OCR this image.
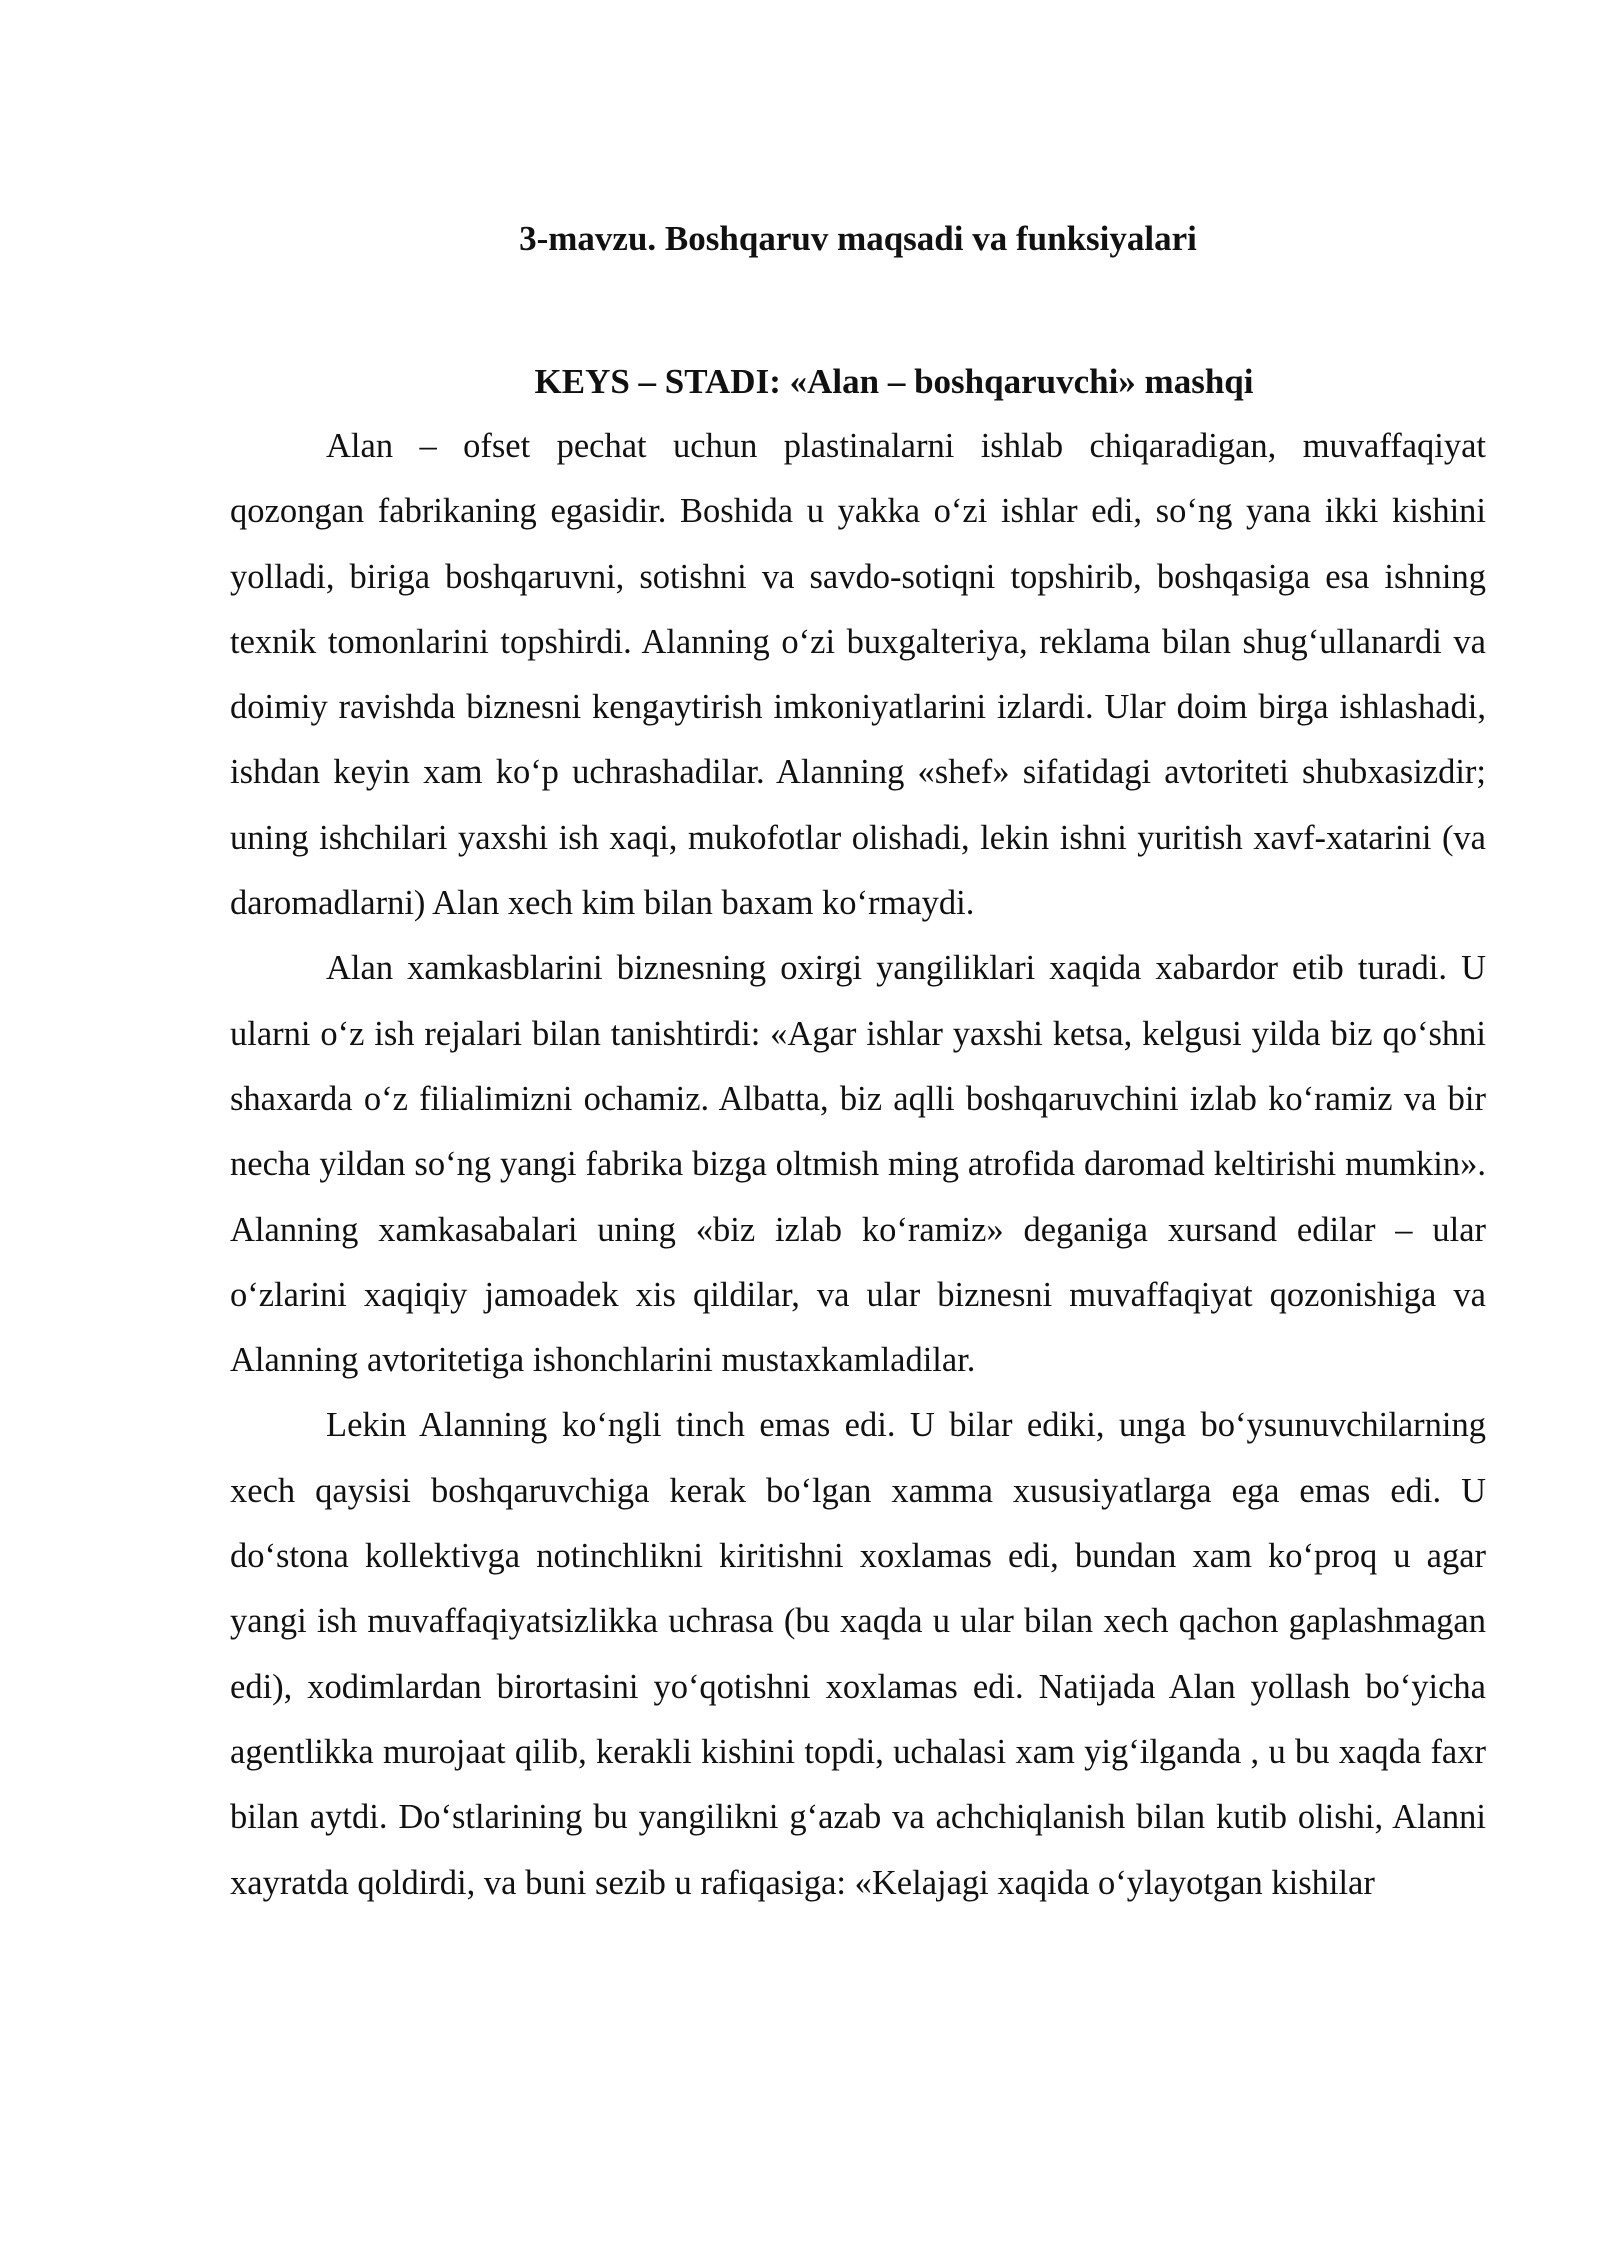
3-mavzu. Boshqaruv maqsadi va funksiyalari
KEYS – STADI: «Alan – boshqaruvchi» mashqi

Alan – ofset pechat uchun plastinalarni ishlab chiqaradigan, muvaffaqiyat qozongan fabrikaning egasidir. Boshida u yakka o‘zi ishlar edi, so‘ng yana ikki kishini yolladi, biriga boshqaruvni, sotishni va savdo-sotiqni topshirib, boshqasiga esa ishning texnik tomonlarini topshirdi. Alanning o‘zi buxgalteriya, reklama bilan shug‘ullanardi va doimiy ravishda biznesni kengaytirish imkoniyatlarini izlardi. Ular doim birga ishlashadi, ishdan keyin xam ko‘p uchrashadilar. Alanning «shef» sifatidagi avtoriteti shubxasizdir; uning ishchilari yaxshi ish xaqi, mukofotlar olishadi, lekin ishni yuritish xavf-xatarini (va daromadlarni) Alan xech kim bilan baxam ko‘rmaydi.

Alan xamkasblarini biznesning oxirgi yangiliklari xaqida xabardor etib turadi. U ularni o‘z ish rejalari bilan tanishtirdi: «Agar ishlar yaxshi ketsa, kelgusi yilda biz qo‘shni shaxarda o‘z filialimizni ochamiz. Albatta, biz aqlli boshqaruvchini izlab ko‘ramiz va bir necha yildan so‘ng yangi fabrika bizga oltmish ming atrofida daromad keltirishi mumkin». Alanning xamkasabalari uning «biz izlab ko‘ramiz» deganiga xursand edilar – ular o‘zlarini xaqiqiy jamoadek xis qildilar, va ular biznesni muvaffaqiyat qozonishiga va Alanning avtoritetiga ishonchlarini mustaxkamladilar.

Lekin Alanning ko‘ngli tinch emas edi. U bilar ediki, unga bo‘ysunuvchilarning xech qaysisi boshqaruvchiga kerak bo‘lgan xamma xususiyatlarga ega emas edi. U do‘stona kollektivga notinchlikni kiritishni xoxlamas edi, bundan xam ko‘proq u agar yangi ish muvaffaqiyatsizlikka uchrasa (bu xaqda u ular bilan xech qachon gaplashmagan edi), xodimlardan birortasini yo‘qotishni xoxlamas edi. Natijada Alan yollash bo‘yicha agentlikka murojaat qilib, kerakli kishini topdi, uchalasi xam yig‘ilganda , u bu xaqda faxr bilan aytdi. Do‘stlarining bu yangilikni g‘azab va achchiqlanish bilan kutib olishi, Alanni xayratda qoldirdi, va buni sezib u rafiqasiga: «Kelajagi xaqida o‘ylayotgan kishilar
